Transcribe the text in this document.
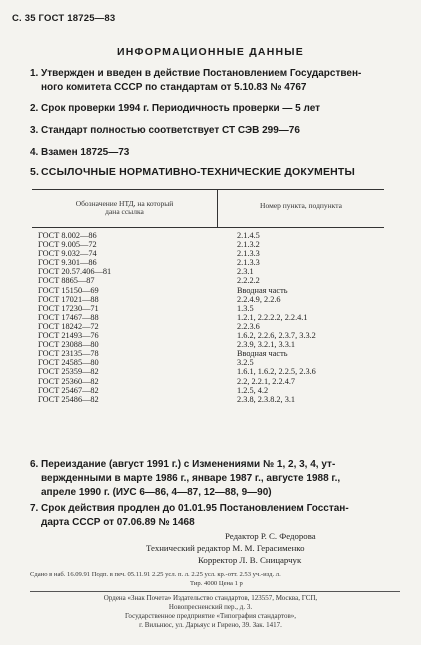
С. 35 ГОСТ 18725—83
ИНФОРМАЦИОННЫЕ ДАННЫЕ
1. Утвержден и введен в действие Постановлением Государствен-
ного комитета СССР по стандартам от 5.10.83 № 4767
2. Срок проверки 1994 г. Периодичность проверки — 5 лет
3. Стандарт полностью соответствует СТ СЭВ 299—76
4. Взамен 18725—73
5. ССЫЛОЧНЫЕ НОРМАТИВНО-ТЕХНИЧЕСКИЕ ДОКУМЕНТЫ
Обозначение НТД, на который
дана ссылка
Номер пункта, подпункта
ГОСТ 8.002—86	2.1.4.5
ГОСТ 9.005—72	2.1.3.2
ГОСТ 9.032—74	2.1.3.3
ГОСТ 9.301—86	2.1.3.3
ГОСТ 20.57.406—81	2.3.1
ГОСТ 8865—87	2.2.2.2
ГОСТ 15150—69	Вводная часть
ГОСТ 17021—88	2.2.4.9, 2.2.6
ГОСТ 17230—71	1.3.5
ГОСТ 17467—88	1.2.1, 2.2.2.2, 2.2.4.1
ГОСТ 18242—72	2.2.3.6
ГОСТ 21493—76	1.6.2, 2.2.6, 2.3.7, 3.3.2
ГОСТ 23088—80	2.3.9, 3.2.1, 3.3.1
ГОСТ 23135—78	Вводная часть
ГОСТ 24585—80	3.2.5
ГОСТ 25359—82	1.6.1, 1.6.2, 2.2.5, 2.3.6
ГОСТ 25360—82	2.2, 2.2.1, 2.2.4.7
ГОСТ 25467—82	1.2.5, 4.2
ГОСТ 25486—82	2.3.8, 2.3.8.2, 3.1
6. Переиздание (август 1991 г.) с Изменениями № 1, 2, 3, 4, ут-
вержденными в марте 1986 г., январе 1987 г., августе 1988 г.,
апреле 1990 г. (ИУС 6—86, 4—87, 12—88, 9—90)
7. Срок действия продлен до 01.01.95 Постановлением Госстан-
дарта СССР от 07.06.89 № 1468
Редактор Р. С. Федорова
Технический редактор М. М. Герасименко
Корректор Л. В. Сницарчук
Сдано в наб. 16.09.91 Подп. в печ. 05.11.91 2.25 усл. п. л. 2.25 усл. кр.-отт. 2.53 уч.-изд. л.
Тир. 4000 Цена 1 р
Ордена «Знак Почета» Издательство стандартов, 123557, Москва, ГСП,
Новопресненский пер., д. 3.
Государственное предприятие «Типография стандартов»,
г. Вильнюс, ул. Дарьяус и Гирено, 39. Зак. 1417.
